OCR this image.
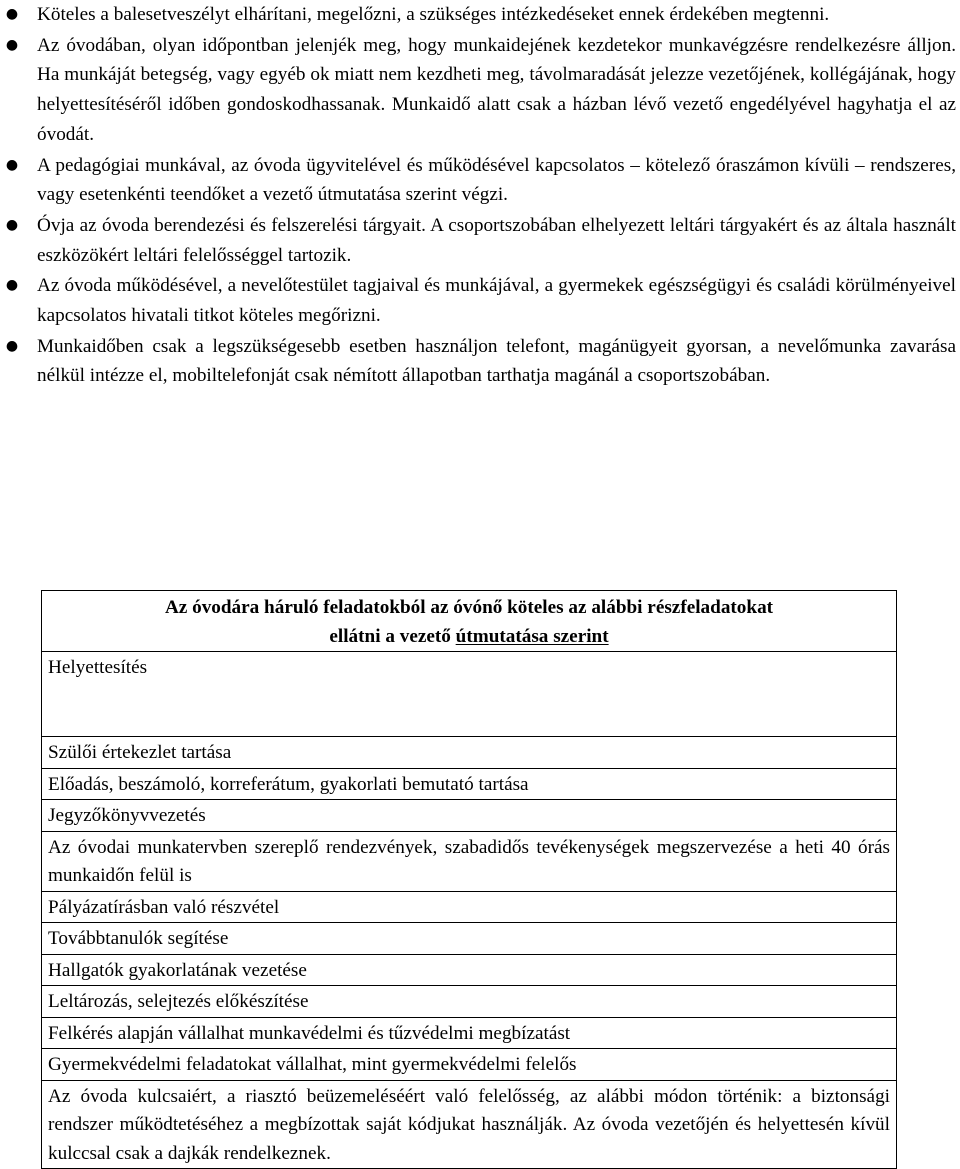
● Köteles a balesetveszélyt elhárítani, megelőzni, a szükséges intézkedéseket ennek érdekében megtenni.
● Az óvodában, olyan időpontban jelenjék meg, hogy munkaidejének kezdetekor munkavégzésre rendelkezésre álljon. Ha munkáját betegség, vagy egyéb ok miatt nem kezdheti meg, távolmaradását jelezze vezetőjének, kollégájának, hogy helyettesítéséről időben gondoskodhassanak. Munkaidő alatt csak a házban lévő vezető engedélyével hagyhatja el az óvodát.
● A pedagógiai munkával, az óvoda ügyvitelével és működésével kapcsolatos – kötelező óraszámon kívüli – rendszeres, vagy esetenkénti teendőket a vezető útmutatása szerint végzi.
● Óvja az óvoda berendezési és felszerelési tárgyait. A csoportszobában elhelyezett leltári tárgyakért és az általa használt eszközökért leltári felelősséggel tartozik.
● Az óvoda működésével, a nevelőtestület tagjaival és munkájával, a gyermekek egészségügyi és családi körülményeivel kapcsolatos hivatali titkot köteles megőrizni.
● Munkaidőben csak a legszükségesebb esetben használjon telefont, magánügyeit gyorsan, a nevelőmunka zavarása nélkül intézze el, mobiltelefonját csak némított állapotban tarthatja magánál a csoportszobában.
Az óvodára háruló feladatokból az óvónő köteles az alábbi részfeladatokat
ellátni a vezető útmutatása szerint

Helyettesítés
Szülői értekezlet tartása
Előadás, beszámoló, korreferátum, gyakorlati bemutató tartása
Jegyzőkönyvvezetés
Az óvodai munkatervben szereplő rendezvények, szabadidős tevékenységek megszervezése a heti 40 órás munkaidőn felül is
Pályázatírásban való részvétel
Továbbtanulók segítése
Hallgatók gyakorlatának vezetése
Leltározás, selejtezés előkészítése
Felkérés alapján vállalhat munkavédelmi és tűzvédelmi megbízatást
Gyermekvédelmi feladatokat vállalhat, mint gyermekvédelmi felelős
Az óvoda kulcsaiért, a riasztó beüzemeléséért való felelősség, az alábbi módon történik: a biztonsági rendszer működtetéséhez a megbízottak saját kódjukat használják. Az óvoda vezetőjén és helyettesén kívül kulccsal csak a dajkák rendelkeznek.
